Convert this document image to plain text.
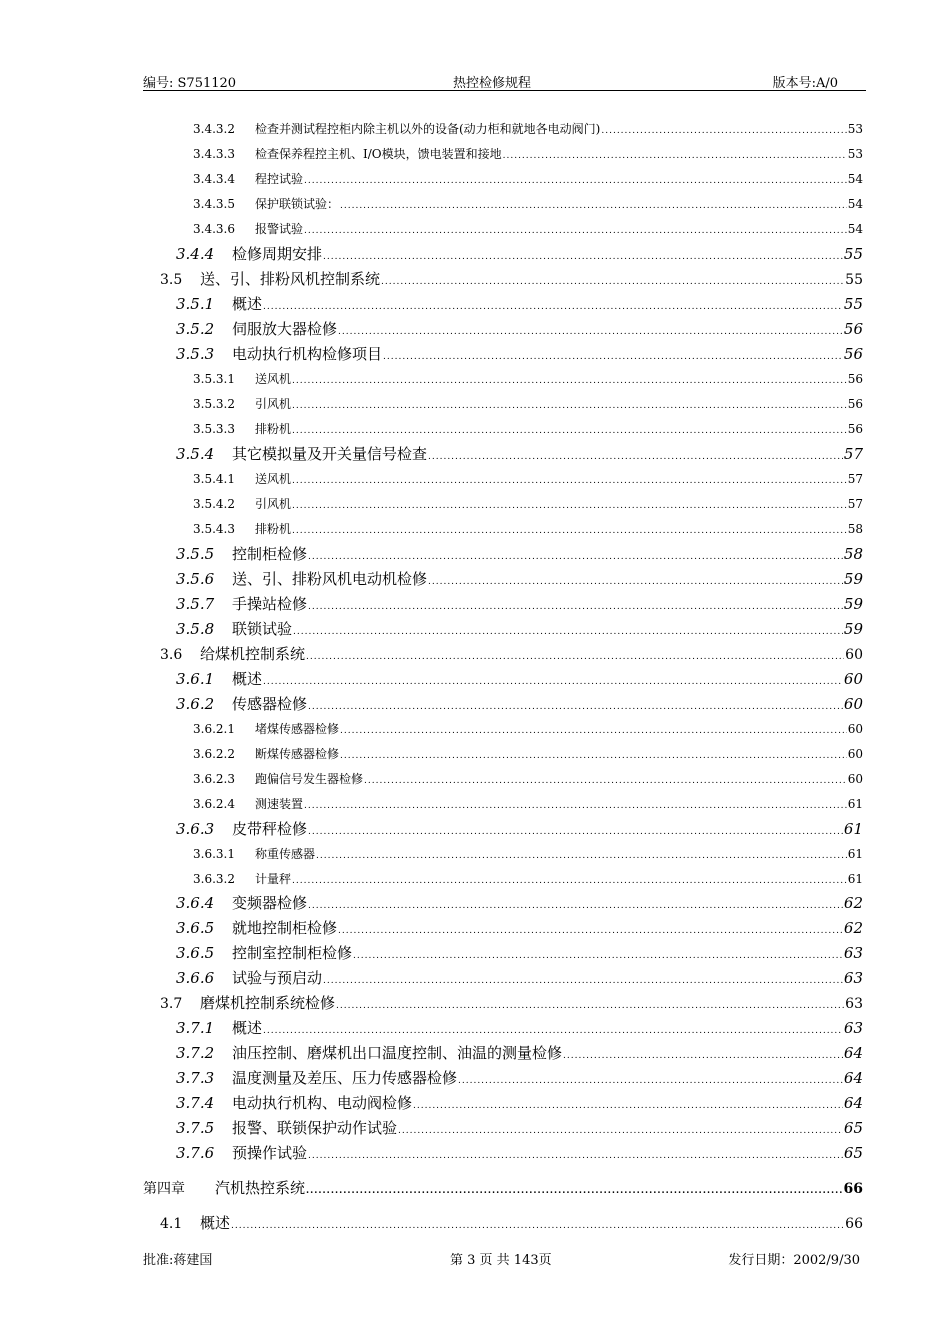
编号: S751120	热控检修规程	版本号:A/0
3.4.3.2	检查并测试程控柜内除主机以外的设备(动力柜和就地各电动阀门) .....	53
3.4.3.3	检查保养程控主机、I/O模块，馈电装置和接地 .....	53
3.4.3.4	程控试验 .....	54
3.4.3.5	保护联锁试验： .....	54
3.4.3.6	报警试验 .....	54
3.4.4	检修周期安排 .....	55
3.5	送、引、排粉风机控制系统 .....	55
3.5.1	概述 .....	55
3.5.2	伺服放大器检修 .....	56
3.5.3	电动执行机构检修项目 .....	56
3.5.3.1	送风机 .....	56
3.5.3.2	引风机 .....	56
3.5.3.3	排粉机 .....	56
3.5.4	其它模拟量及开关量信号检查 .....	57
3.5.4.1	送风机 .....	57
3.5.4.2	引风机 .....	57
3.5.4.3	排粉机 .....	58
3.5.5	控制柜检修 .....	58
3.5.6	送、引、排粉风机电动机检修 .....	59
3.5.7	手操站检修 .....	59
3.5.8	联锁试验 .....	59
3.6	给煤机控制系统 .....	60
3.6.1	概述 .....	60
3.6.2	传感器检修 .....	60
3.6.2.1	堵煤传感器检修 .....	60
3.6.2.2	断煤传感器检修 .....	60
3.6.2.3	跑偏信号发生器检修 .....	60
3.6.2.4	测速装置 .....	61
3.6.3	皮带秤检修 .....	61
3.6.3.1	称重传感器 .....	61
3.6.3.2	计量秤 .....	61
3.6.4	变频器检修 .....	62
3.6.5	就地控制柜检修 .....	62
3.6.5	控制室控制柜检修 .....	63
3.6.6	试验与预启动 .....	63
3.7	磨煤机控制系统检修 .....	63
3.7.1	概述 .....	63
3.7.2	油压控制、磨煤机出口温度控制、油温的测量检修 .....	64
3.7.3	温度测量及差压、压力传感器检修 .....	64
3.7.4	电动执行机构、电动阀检修 .....	64
3.7.5	报警、联锁保护动作试验 .....	65
3.7.6	预操作试验 .....	65
第四章	汽机热控系统 .....	66
4.1	概述 .....	66
批准:蒋建国	第 3 页 共 143页	发行日期：2002/9/30
